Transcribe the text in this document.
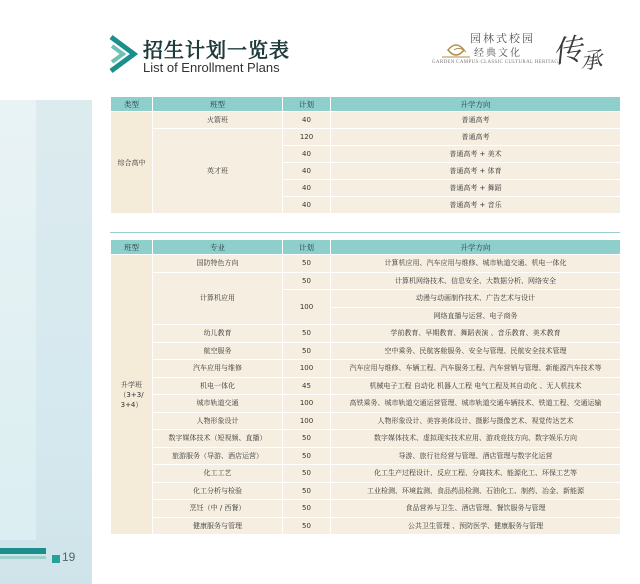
19
招生计划一览表
List of Enrollment Plans
园林式校园
经典文化
GARDEN CAMPUS·CLASSIC CULTURAL HERITAGE
传
承
类型	班型	计划	升学方向
综合高中	火箭班	40	普通高考
	英才班	120	普通高考
		40	普通高考 + 美术
		40	普通高考 + 体育
		40	普通高考 + 舞蹈
		40	普通高考 + 音乐
班型	专业	计划	升学方向

升学班
（3+3/
3+4）	国防特色方向	50	计算机应用、汽车应用与维修、城市轨道交通、机电一体化
	计算机应用	50	计算机网络技术、信息安全、大数据分析、网络安全
		100	动漫与动画制作技术、广告艺术与设计
			网络直播与运营、电子商务
	幼儿教育	50	学前教育、早期教育、舞蹈表演 、音乐教育、美术教育
	航空服务	50	空中乘务、民航客舱服务、安全与管理、民航安全技术管理
	汽车应用与维修	100	汽车应用与维修、车辆工程、汽车服务工程、汽车营销与管理、新能源汽车技术等
	机电一体化	45	机械电子工程 自动化 机器人工程 电气工程及其自动化 、无人机技术
	城市轨道交通	100	高铁乘务、城市轨道交通运营管理、城市轨道交通车辆技术、铁道工程、交通运输
	人物形象设计	100	人物形象设计、美容美体设计、摄影与摄像艺术、视觉传达艺术
	数字媒体技术（短视频、直播）	50	数字媒体技术、虚拟现实技术应用、游戏竞技方向、数字娱乐方向
	旅游服务（导游、酒店运营）	50	导游、旅行社经营与管理、酒店管理与数字化运营
	化工工艺	50	化工生产过程设计、反应工程、分离技术、能源化工、环保工艺等
	化工分析与检验	50	工业检测、环境监测、食品药品检测、石油化工、制药、冶金、新能源
	烹饪（中 / 西餐）	50	食品营养与卫生、酒店管理、餐饮服务与管理
	健康服务与管理	50	公共卫生管理 、预防医学、健康服务与管理
